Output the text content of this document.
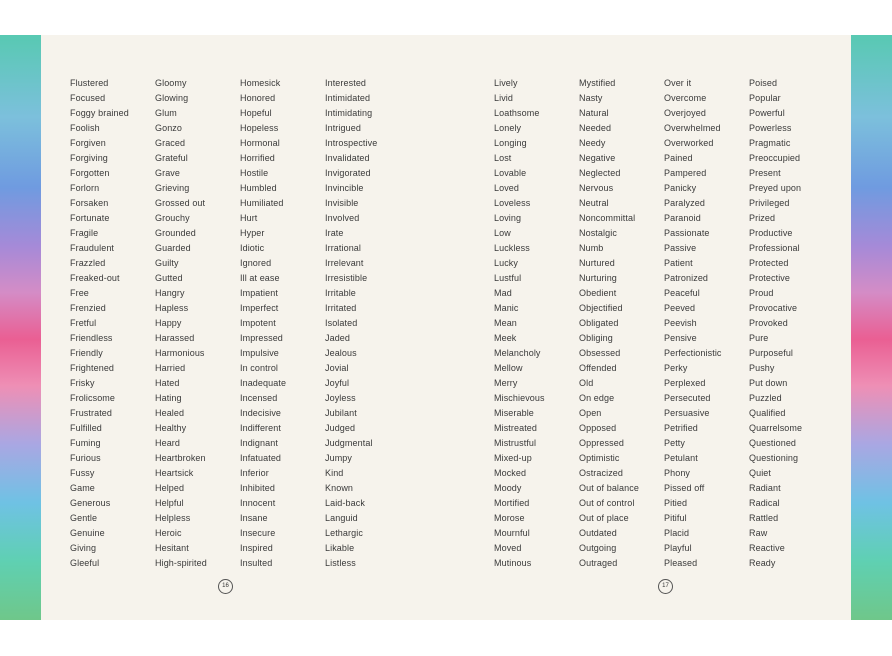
Flustered
Focused
Foggy brained
Foolish
Forgiven
Forgiving
Forgotten
Forlorn
Forsaken
Fortunate
Fragile
Fraudulent
Frazzled
Freaked-out
Free
Frenzied
Fretful
Friendless
Friendly
Frightened
Frisky
Frolicsome
Frustrated
Fulfilled
Fuming
Furious
Fussy
Game
Generous
Gentle
Genuine
Giving
Gleeful
Gloomy
Glowing
Glum
Gonzo
Graced
Grateful
Grave
Grieving
Grossed out
Grouchy
Grounded
Guarded
Guilty
Gutted
Hangry
Hapless
Happy
Harassed
Harmonious
Harried
Hated
Hating
Healed
Healthy
Heard
Heartbroken
Heartsick
Helped
Helpful
Helpless
Heroic
Hesitant
High-spirited
Homesick
Honored
Hopeful
Hopeless
Hormonal
Horrified
Hostile
Humbled
Humiliated
Hurt
Hyper
Idiotic
Ignored
Ill at ease
Impatient
Imperfect
Impotent
Impressed
Impulsive
In control
Inadequate
Incensed
Indecisive
Indifferent
Indignant
Infatuated
Inferior
Inhibited
Innocent
Insane
Insecure
Inspired
Insulted
Interested
Intimidated
Intimidating
Intrigued
Introspective
Invalidated
Invigorated
Invincible
Invisible
Involved
Irate
Irrational
Irrelevant
Irresistible
Irritable
Irritated
Isolated
Jaded
Jealous
Jovial
Joyful
Joyless
Jubilant
Judged
Judgmental
Jumpy
Kind
Known
Laid-back
Languid
Lethargic
Likable
Listless
Lively
Livid
Loathsome
Lonely
Longing
Lost
Lovable
Loved
Loveless
Loving
Low
Luckless
Lucky
Lustful
Mad
Manic
Mean
Meek
Melancholy
Mellow
Merry
Mischievous
Miserable
Mistreated
Mistrustful
Mixed-up
Mocked
Moody
Mortified
Morose
Mournful
Moved
Mutinous
Mystified
Nasty
Natural
Needed
Needy
Negative
Neglected
Nervous
Neutral
Noncommittal
Nostalgic
Numb
Nurtured
Nurturing
Obedient
Objectified
Obligated
Obliging
Obsessed
Offended
Old
On edge
Open
Opposed
Oppressed
Optimistic
Ostracized
Out of balance
Out of control
Out of place
Outdated
Outgoing
Outraged
Over it
Overcome
Overjoyed
Overwhelmed
Overworked
Pained
Pampered
Panicky
Paralyzed
Paranoid
Passionate
Passive
Patient
Patronized
Peaceful
Peeved
Peevish
Pensive
Perfectionistic
Perky
Perplexed
Persecuted
Persuasive
Petrified
Petty
Petulant
Phony
Pissed off
Pitied
Pitiful
Placid
Playful
Pleased
Poised
Popular
Powerful
Powerless
Pragmatic
Preoccupied
Present
Preyed upon
Privileged
Prized
Productive
Professional
Protected
Protective
Proud
Provocative
Provoked
Pure
Purposeful
Pushy
Put down
Puzzled
Qualified
Quarrelsome
Questioned
Questioning
Quiet
Radiant
Radical
Rattled
Raw
Reactive
Ready
16	17
